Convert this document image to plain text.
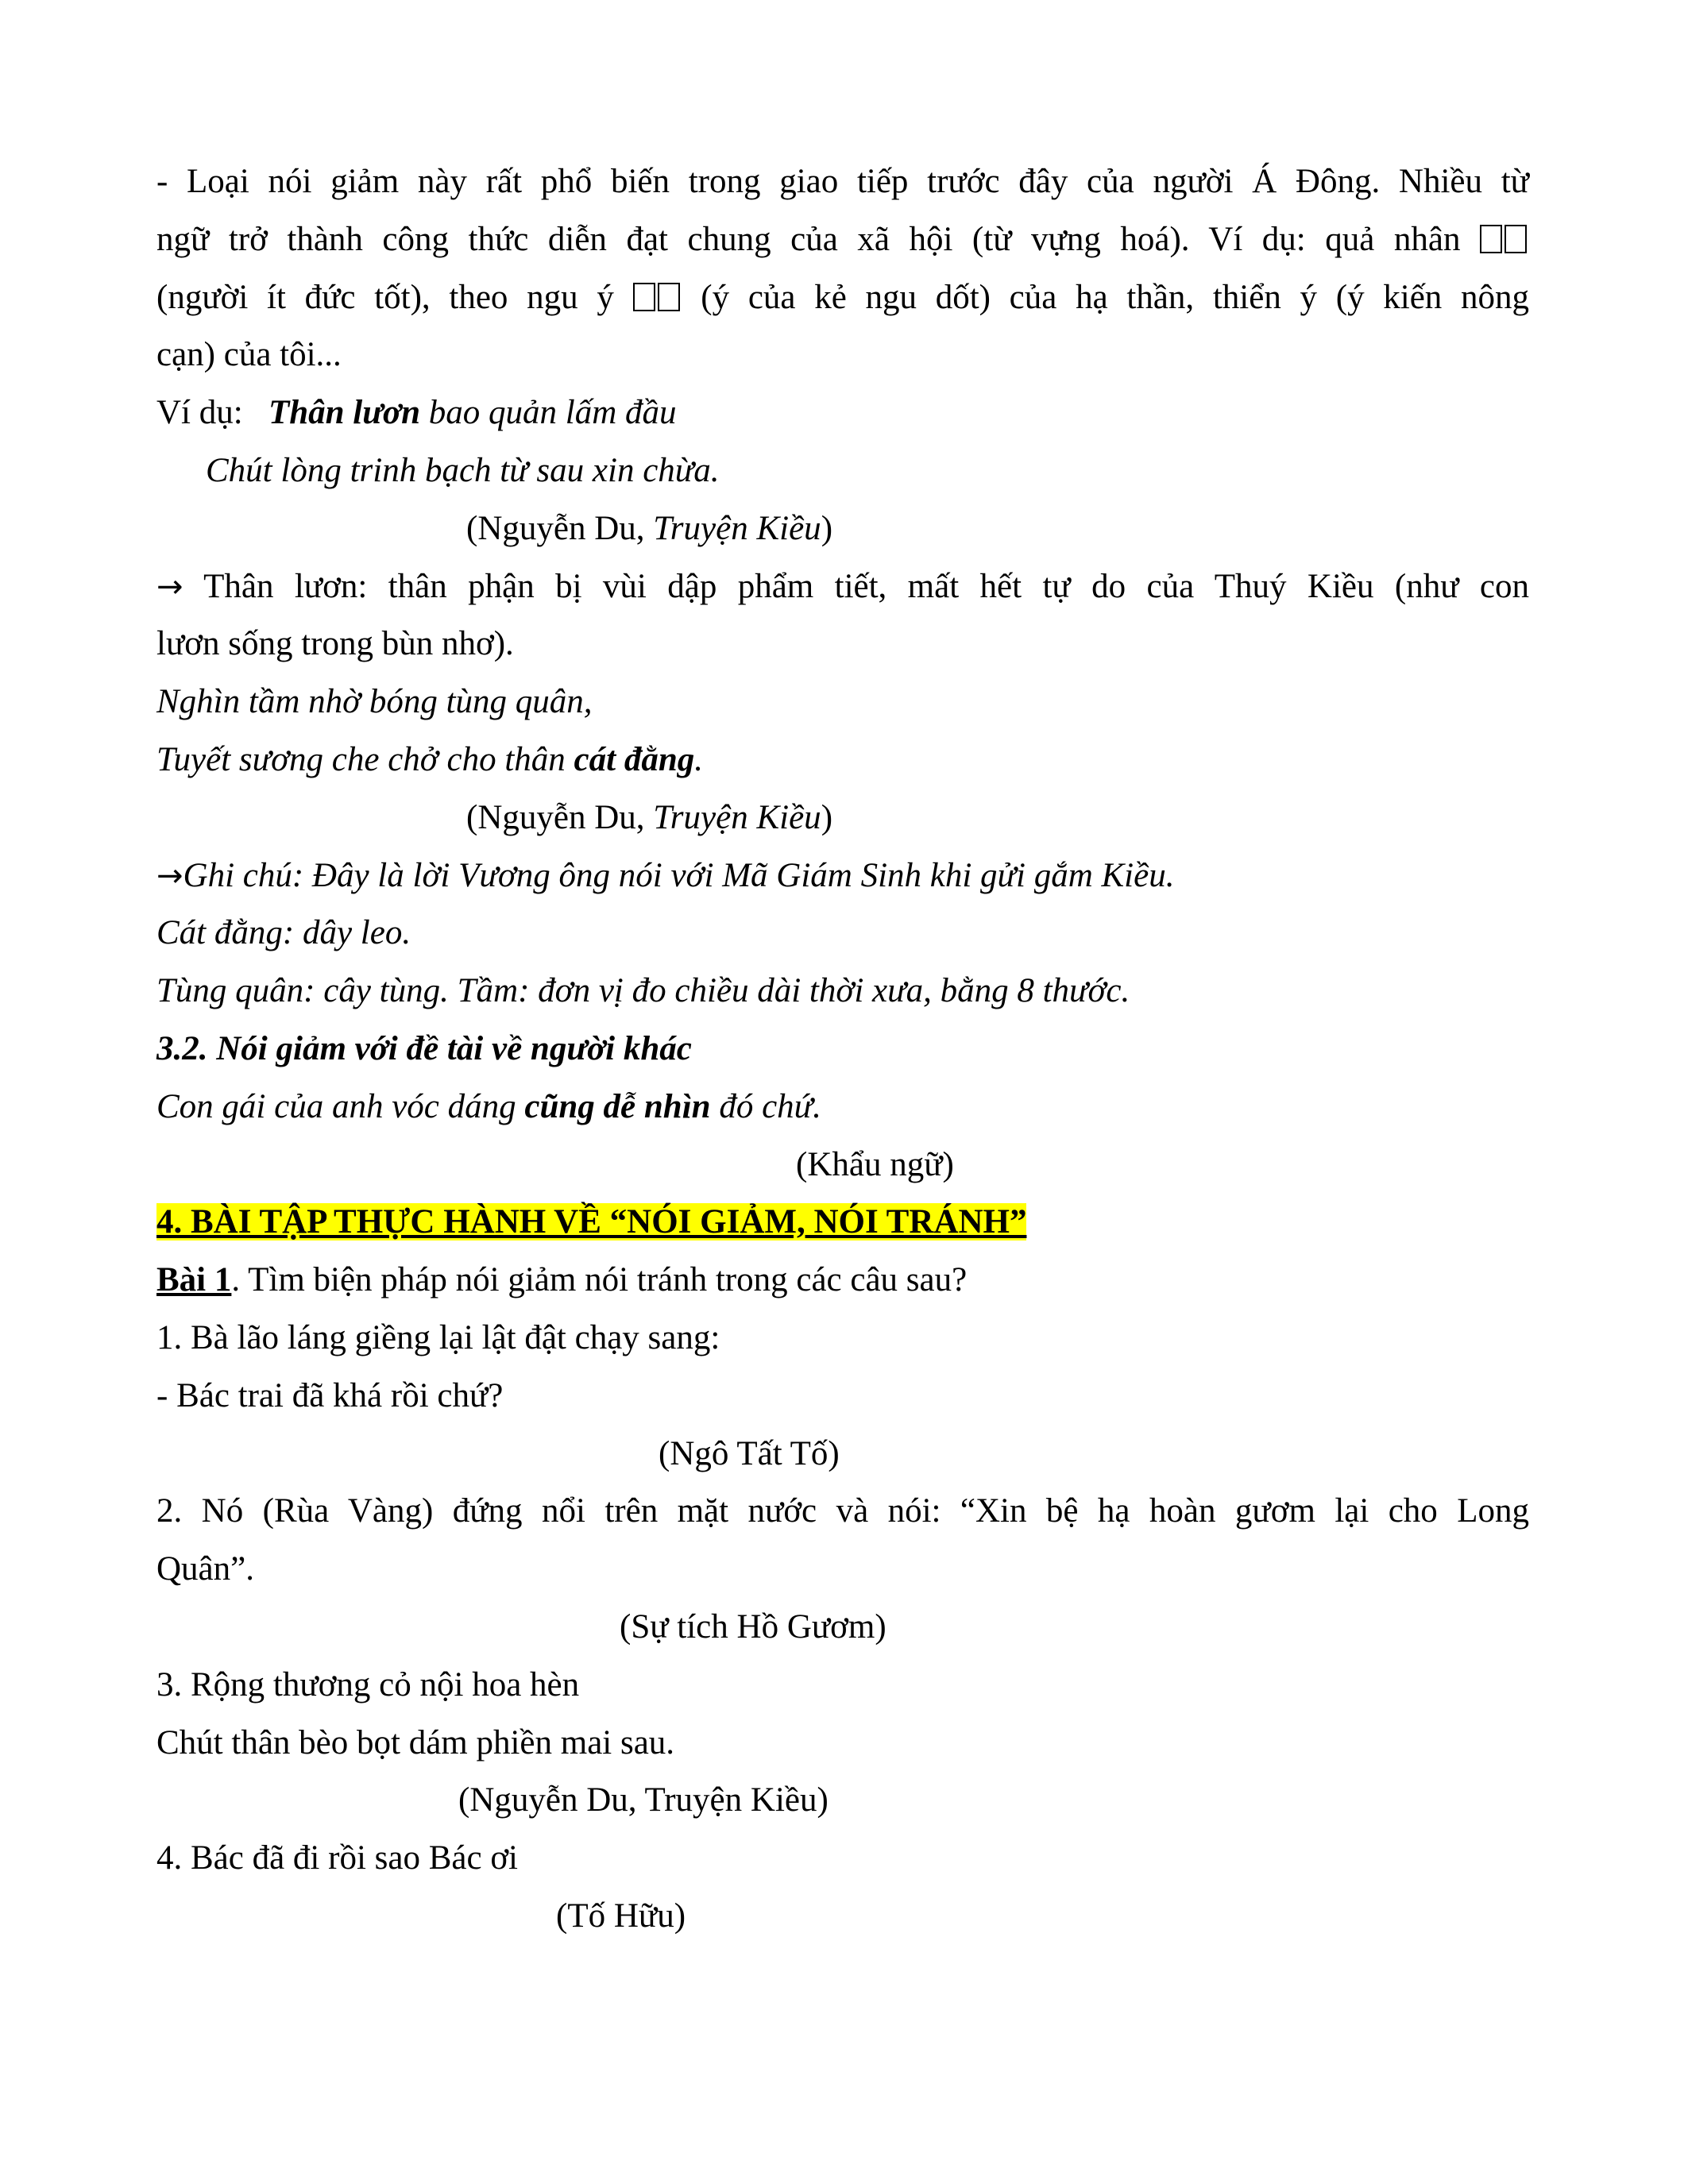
- Loại nói giảm này rất phổ biến trong giao tiếp trước đây của người Á Đông. Nhiều từ
ngữ trở thành công thức diễn đạt chung của xã hội (từ vựng hoá). Ví dụ: quả nhân
(người ít đức tốt), theo ngu ý	(ý của kẻ ngu dốt) của hạ thần, thiển ý (ý kiến nông
cạn) của tôi...
Ví dụ: Thân lươn bao quản lấm đầu
Chút lòng trinh bạch từ sau xin chừa.
(Nguyễn Du, Truyện Kiều)
→ Thân lươn: thân phận bị vùi dập phẩm tiết, mất hết tự do của Thuý Kiều (như con
lươn sống trong bùn nhơ).
Nghìn tầm nhờ bóng tùng quân,
Tuyết sương che chở cho thân cát đằng.
(Nguyễn Du, Truyện Kiều)
→Ghi chú: Đây là lời Vương ông nói với Mã Giám Sinh khi gửi gắm Kiều.
Cát đằng: dây leo.
Tùng quân: cây tùng. Tầm: đơn vị đo chiều dài thời xưa, bằng 8 thước.
3.2. Nói giảm với đề tài về người khác
Con gái của anh vóc dáng cũng dễ nhìn đó chứ.
(Khẩu ngữ)
4. BÀI TẬP THỰC HÀNH VỀ “NÓI GIẢM, NÓI TRÁNH”
Bài 1. Tìm biện pháp nói giảm nói tránh trong các câu sau?
1. Bà lão láng giềng lại lật đật chạy sang:
- Bác trai đã khá rồi chứ?
(Ngô Tất Tố)
2. Nó (Rùa Vàng) đứng nổi trên mặt nước và nói: “Xin bệ hạ hoàn gươm lại cho Long
Quân”.
(Sự tích Hồ Gươm)
3. Rộng thương cỏ nội hoa hèn
Chút thân bèo bọt dám phiền mai sau.
(Nguyễn Du, Truyện Kiều)
4. Bác đã đi rồi sao Bác ơi
(Tố Hữu)
